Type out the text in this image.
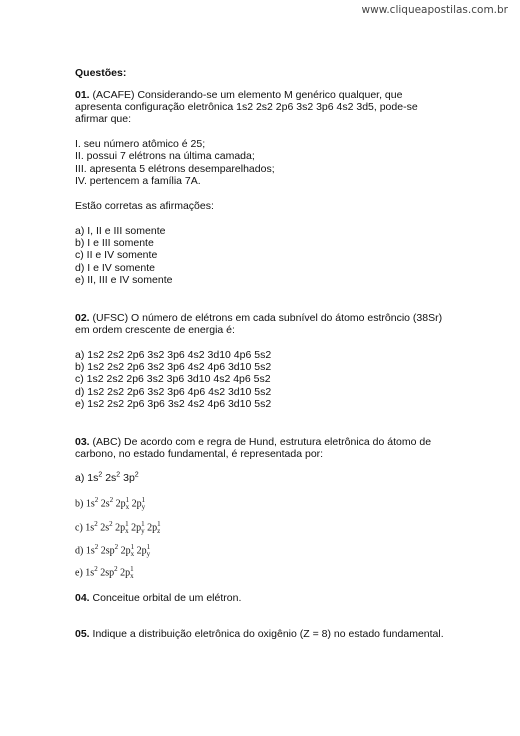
www.cliqueapostilas.com.br
Questões:
01. (ACAFE) Considerando-se um elemento M genérico qualquer, que
apresenta configuração eletrônica 1s2 2s2 2p6 3s2 3p6 4s2 3d5, pode-se
afirmar que:
I. seu número atômico é 25;
II. possui 7 elétrons na última camada;
III. apresenta 5 elétrons desemparelhados;
IV. pertencem a família 7A.
Estão corretas as afirmações:
a) I, II e III somente
b) I e III somente
c) II e IV somente
d) I e IV somente
e) II, III e IV somente
02. (UFSC) O número de elétrons em cada subnível do átomo estrôncio (38Sr)
em ordem crescente de energia é:
a) 1s2 2s2 2p6 3s2 3p6 4s2 3d10 4p6 5s2
b) 1s2 2s2 2p6 3s2 3p6 4s2 4p6 3d10 5s2
c) 1s2 2s2 2p6 3s2 3p6 3d10 4s2 4p6 5s2
d) 1s2 2s2 2p6 3s2 3p6 4p6 4s2 3d10 5s2
e) 1s2 2s2 2p6 3p6 3s2 4s2 4p6 3d10 5s2
03. (ABC) De acordo com e regra de Hund, estrutura eletrônica do átomo de
carbono, no estado fundamental, é representada por:
a) $1s^2$ $2s^2$ $3p^2$
b) $1s^2$ $2s^2$ 2p 1
x 2p 1
y
c) $1s^2$ $2s^2$ 2p 1
x 2p 1
y 2p 1
z
d) $1s^2$ $2sp^2$ 2p 1
x 2p 1
y
e) $1s^2$ $2sp^2$ 2p 1
x
04. Conceitue orbital de um elétron.
05. Indique a distribuição eletrônica do oxigênio (Z = 8) no estado fundamental.
